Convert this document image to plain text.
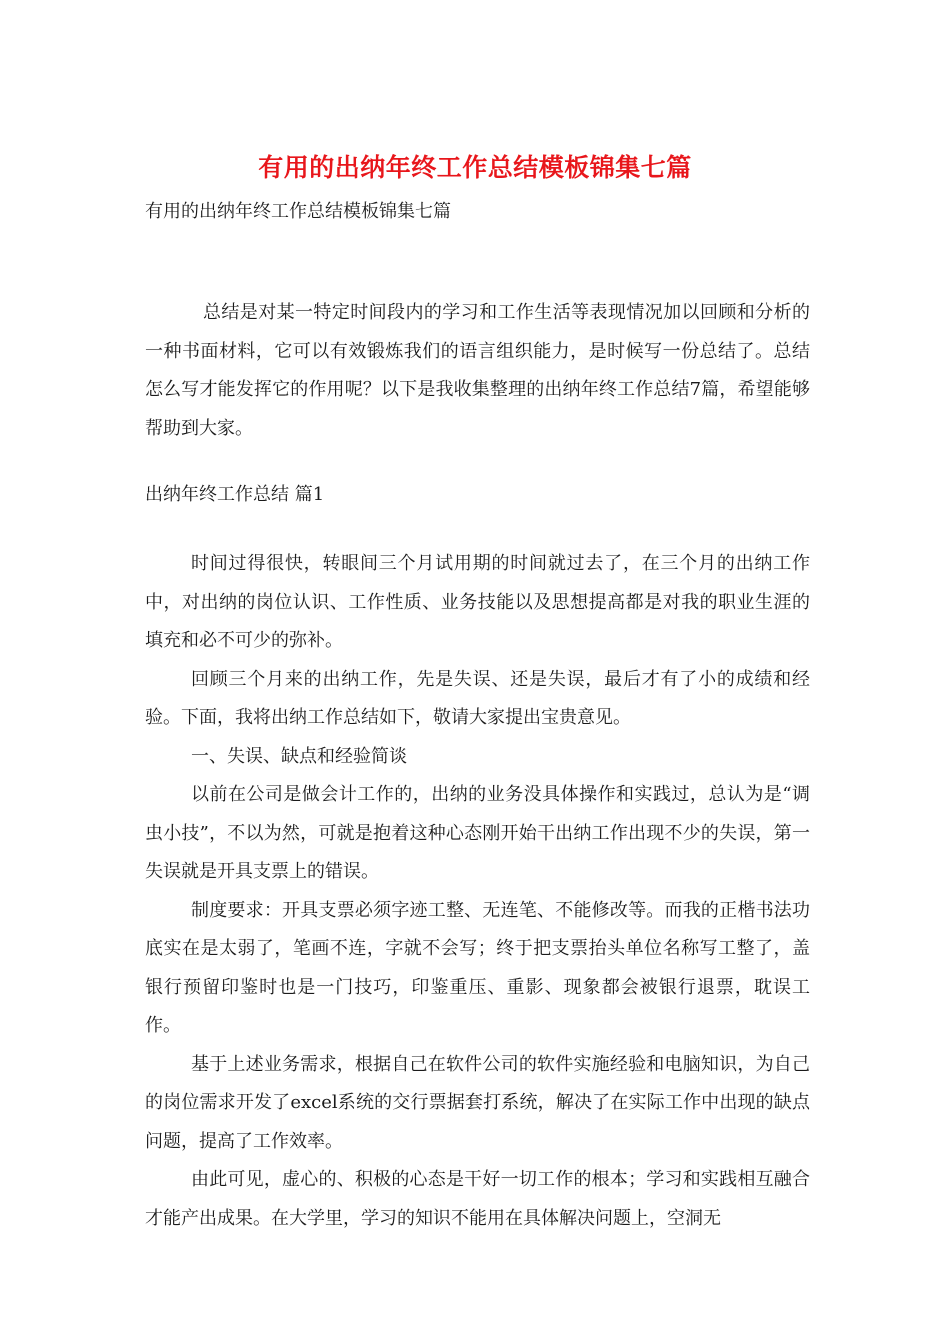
有用的出纳年终工作总结模板锦集七篇
有用的出纳年终工作总结模板锦集七篇

总结是对某一特定时间段内的学习和工作生活等表现情况加以回顾和分析的一种书面材料，它可以有效锻炼我们的语言组织能力，是时候写一份总结了。总结怎么写才能发挥它的作用呢？以下是我收集整理的出纳年终工作总结7篇，希望能够帮助到大家。

出纳年终工作总结 篇1

时间过得很快，转眼间三个月试用期的时间就过去了，在三个月的出纳工作中，对出纳的岗位认识、工作性质、业务技能以及思想提高都是对我的职业生涯的填充和必不可少的弥补。

回顾三个月来的出纳工作，先是失误、还是失误，最后才有了小的成绩和经验。下面，我将出纳工作总结如下，敬请大家提出宝贵意见。

一、失误、缺点和经验简谈

以前在公司是做会计工作的，出纳的业务没具体操作和实践过，总认为是“调虫小技”，不以为然，可就是抱着这种心态刚开始干出纳工作出现不少的失误，第一失误就是开具支票上的错误。

制度要求：开具支票必须字迹工整、无连笔、不能修改等。而我的正楷书法功底实在是太弱了，笔画不连，字就不会写；终于把支票抬头单位名称写工整了，盖银行预留印鉴时也是一门技巧，印鉴重压、重影、现象都会被银行退票，耽误工作。

基于上述业务需求，根据自己在软件公司的软件实施经验和电脑知识，为自己的岗位需求开发了excel系统的交行票据套打系统，解决了在实际工作中出现的缺点问题，提高了工作效率。

由此可见，虚心的、积极的心态是干好一切工作的根本；学习和实践相互融合才能产出成果。在大学里，学习的知识不能用在具体解决问题上，空洞无
